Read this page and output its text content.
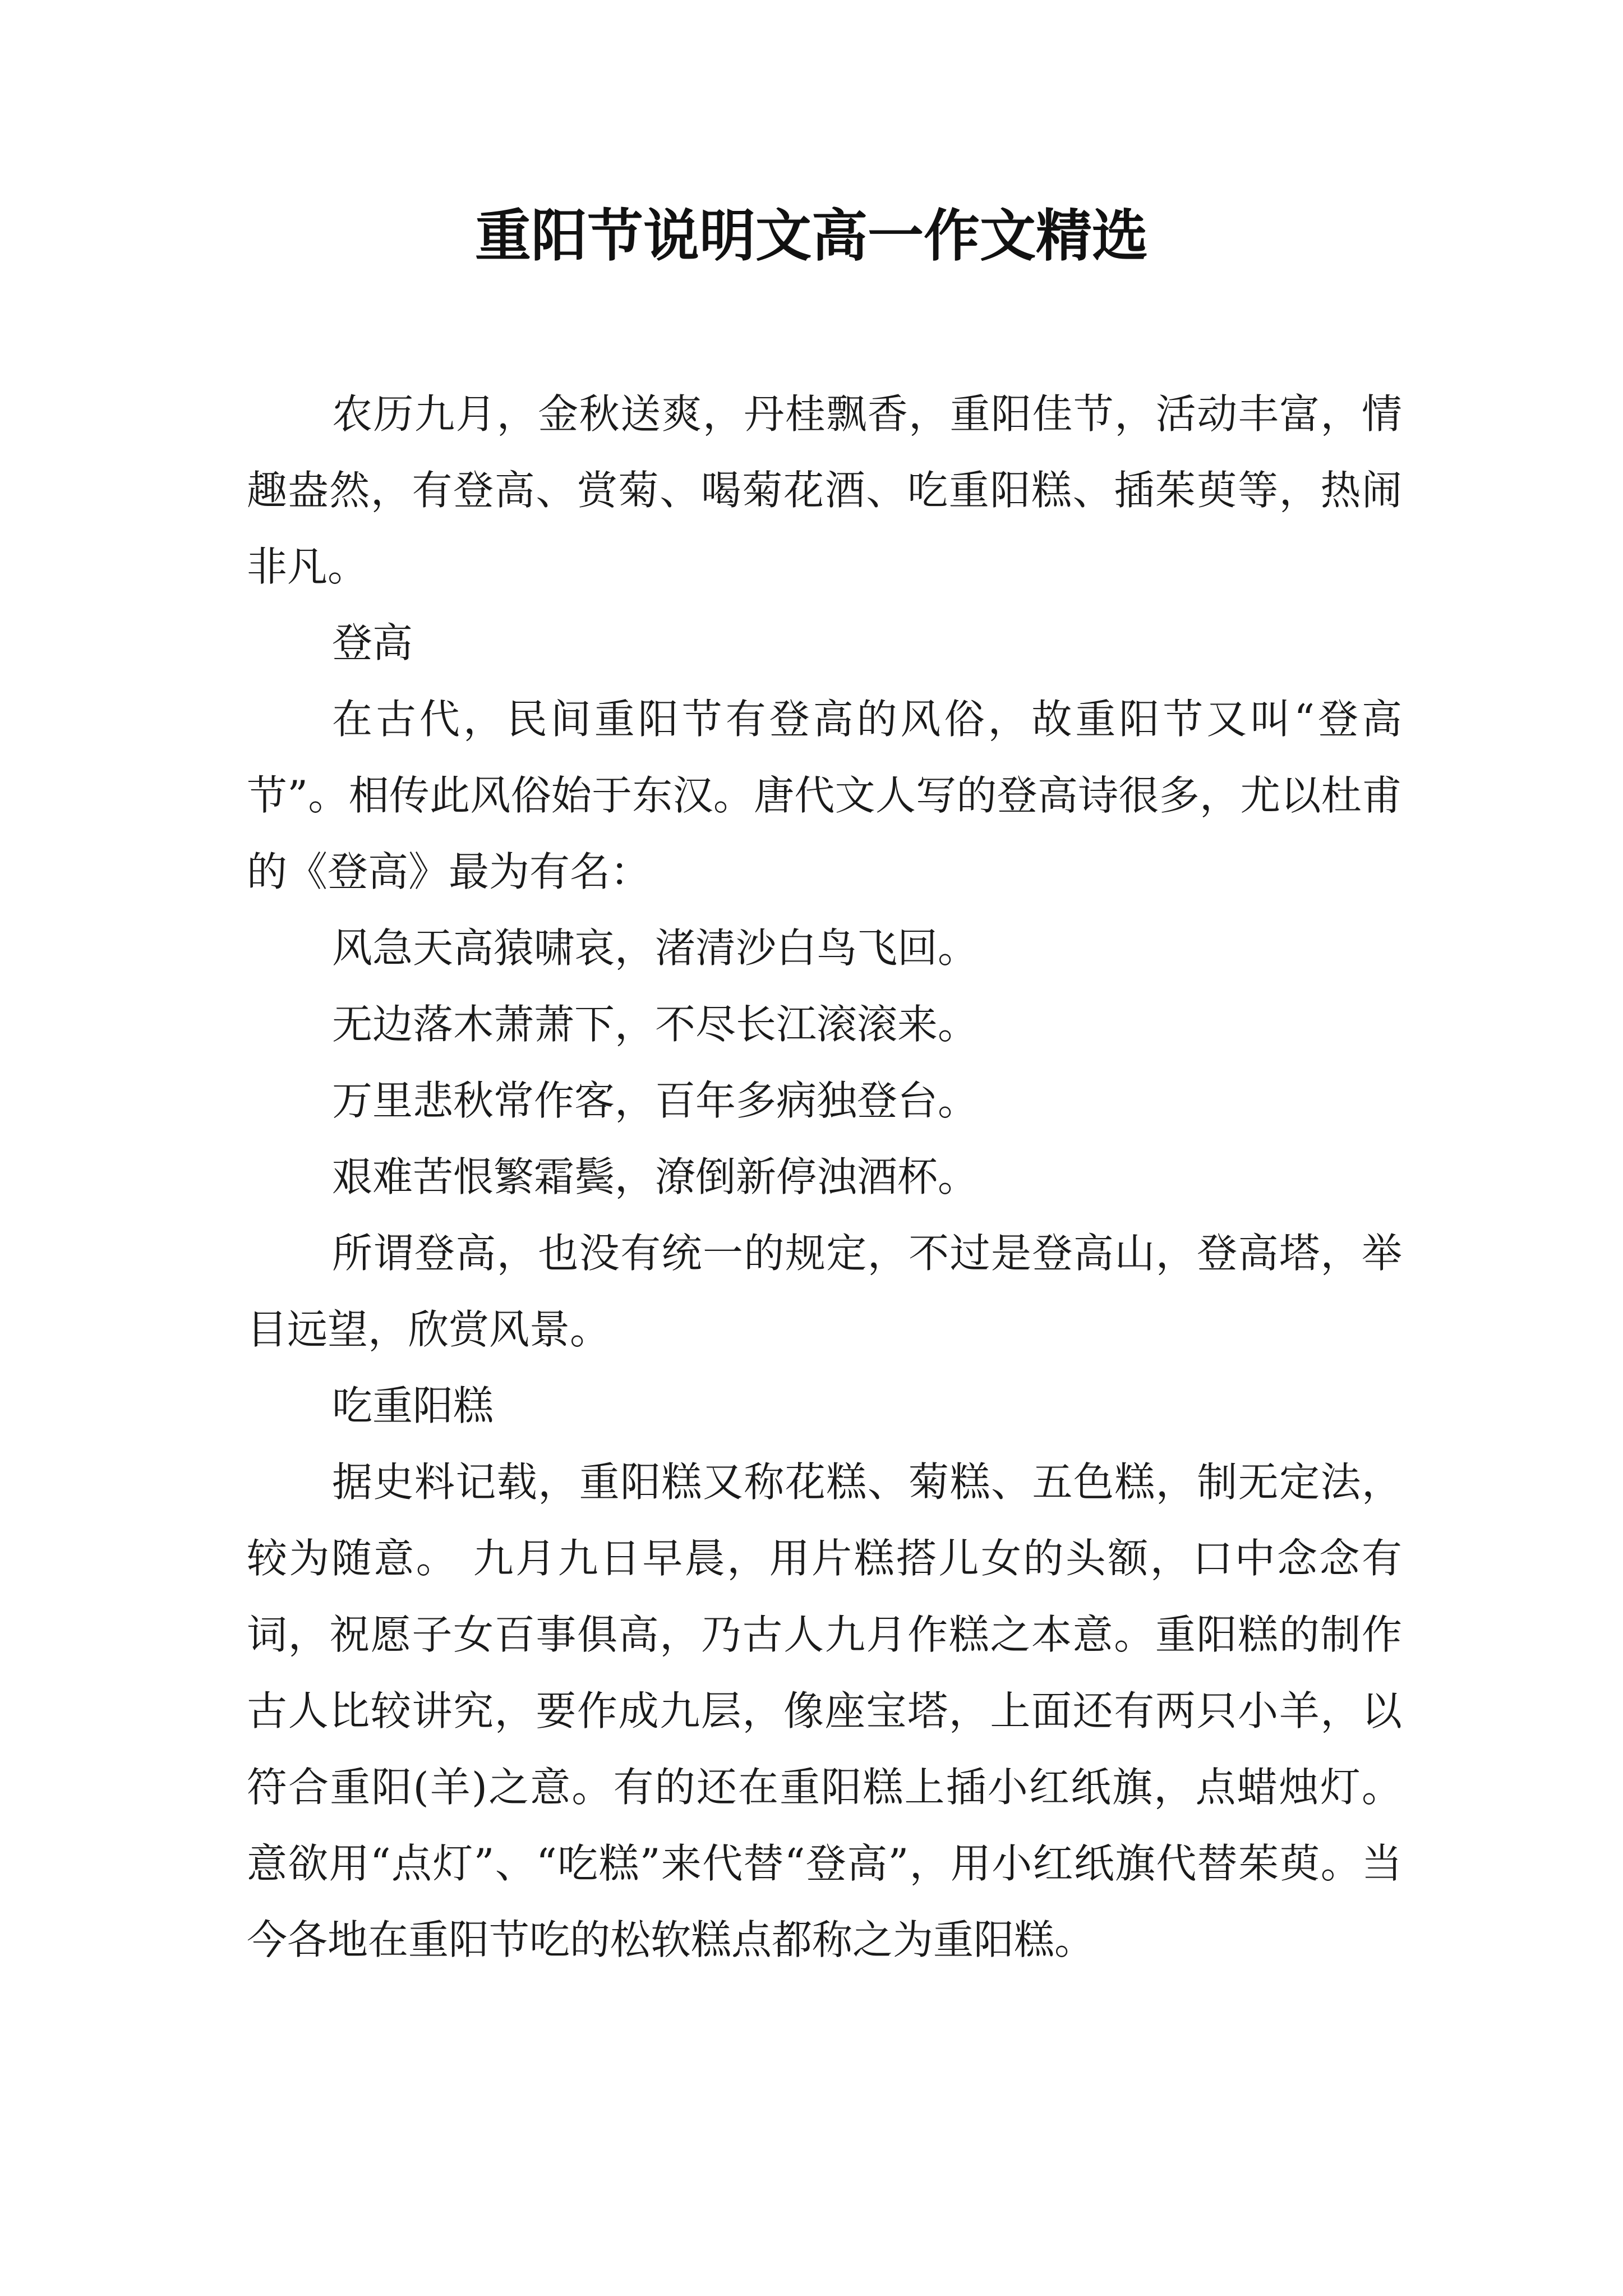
重阳节说明文高一作文精选

农历九月，金秋送爽，丹桂飘香，重阳佳节，活动丰富，情趣盎然，有登高、赏菊、喝菊花酒、吃重阳糕、插茱萸等，热闹非凡。

登高

在古代，民间重阳节有登高的风俗，故重阳节又叫“登高节”。相传此风俗始于东汉。唐代文人写的登高诗很多，尤以杜甫的《登高》最为有名：

风急天高猿啸哀，渚清沙白鸟飞回。

无边落木萧萧下，不尽长江滚滚来。

万里悲秋常作客，百年多病独登台。

艰难苦恨繁霜鬓，潦倒新停浊酒杯。

所谓登高，也没有统一的规定，不过是登高山，登高塔，举目远望，欣赏风景。

吃重阳糕

据史料记载，重阳糕又称花糕、菊糕、五色糕，制无定法，较为随意。 九月九日早晨，用片糕搭儿女的头额，口中念念有词，祝愿子女百事俱高，乃古人九月作糕之本意。重阳糕的制作古人比较讲究，要作成九层，像座宝塔，上面还有两只小羊，以符合重阳(羊)之意。有的还在重阳糕上插小红纸旗，点蜡烛灯。意欲用“点灯”、“吃糕”来代替“登高”，用小红纸旗代替茱萸。当今各地在重阳节吃的松软糕点都称之为重阳糕。
